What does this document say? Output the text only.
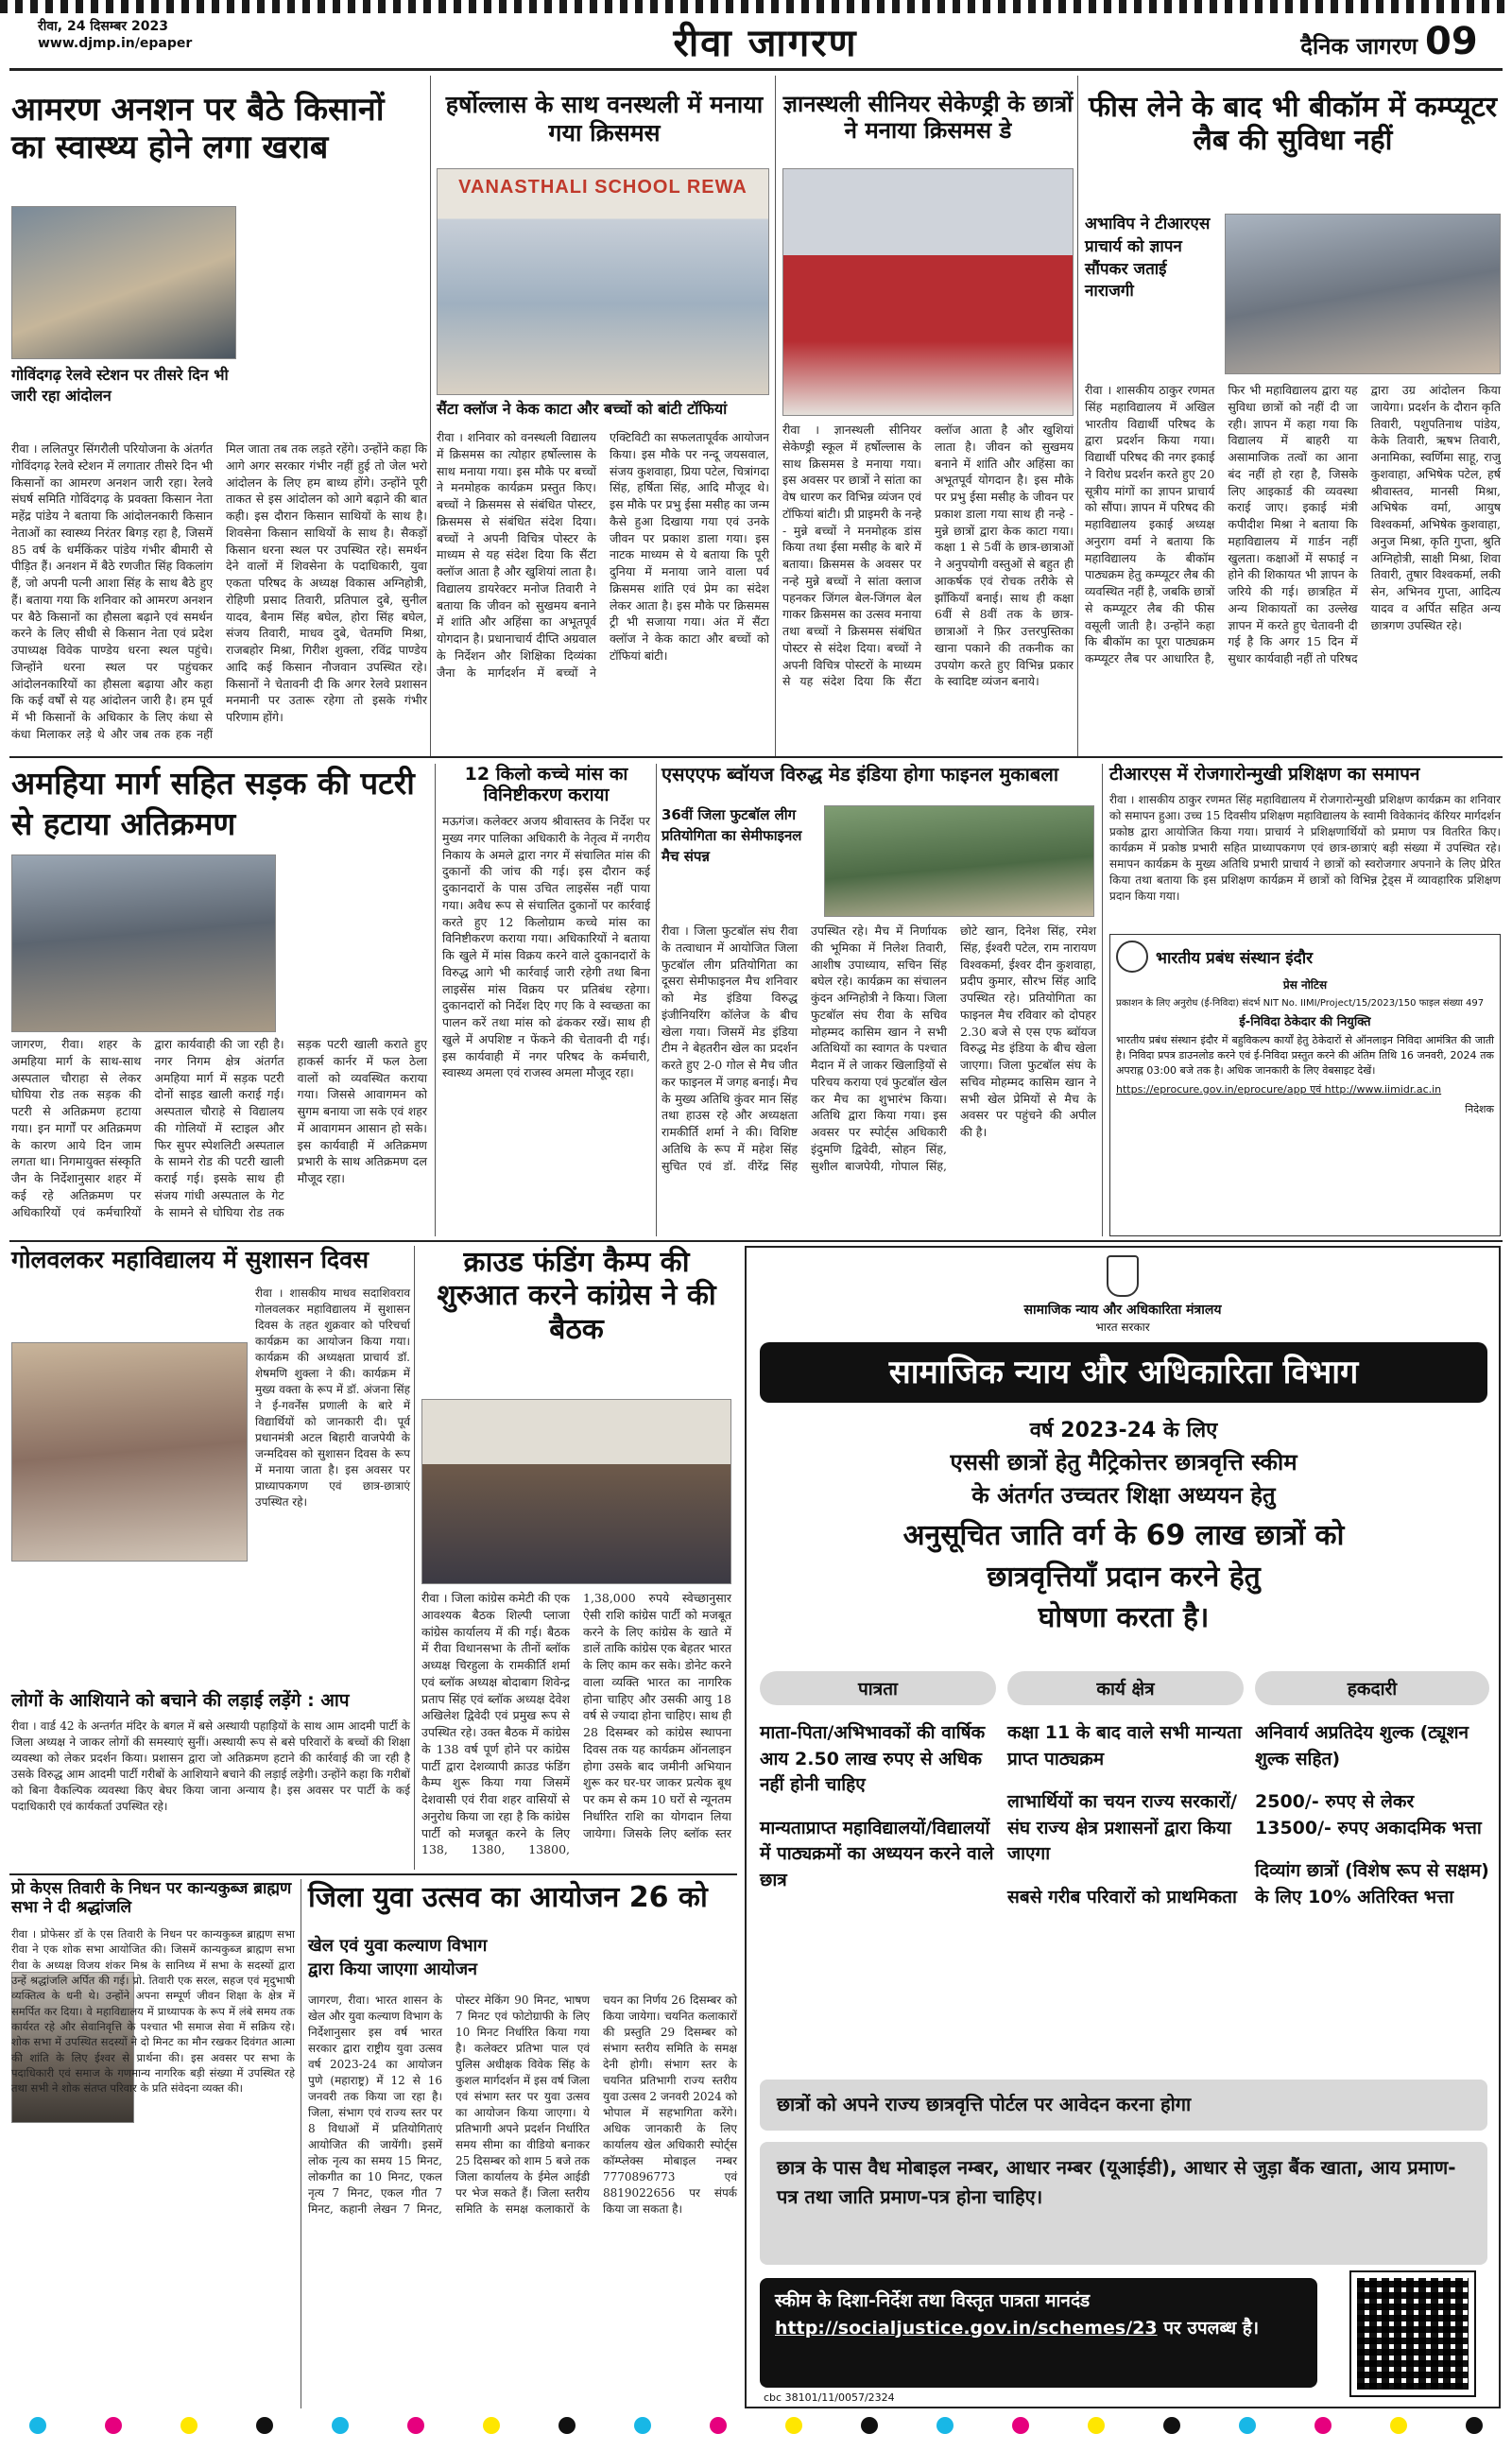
रीवा, 24 दिसम्बर 2023
www.djmp.in/epaper	रीवा जागरण	दैनिक जागरण 09
आमरण अनशन पर बैठे किसानों का स्वास्थ्य होने लगा खराब
गोविंदगढ़ रेलवे स्टेशन पर तीसरे दिन भी जारी रहा आंदोलन
रीवा । ललितपुर सिंगरौली परियोजना के अंतर्गत गोविंदगढ़ रेलवे स्टेशन में लगातार तीसरे दिन भी किसानों का आमरण अनशन जारी रहा। रेलवे संघर्ष समिति गोविंदगढ़ के प्रवक्ता किसान नेता महेंद्र पांडेय ने बताया कि आंदोलनकारी किसान नेताओं का स्वास्थ्य निरंतर बिगड़ रहा है, जिसमें 85 वर्ष के धर्मकिंकर पांडेय गंभीर बीमारी से पीड़ित हैं। अनशन में बैठे रणजीत सिंह विकलांग हैं, जो अपनी पत्नी आशा सिंह के साथ बैठे हुए हैं। बताया गया कि शनिवार को आमरण अनशन पर बैठे किसानों का हौसला बढ़ाने एवं समर्थन करने के लिए सीधी से किसान नेता एवं प्रदेश उपाध्यक्ष विवेक पाण्डेय धरना स्थल पहुंचे। जिन्होंने धरना स्थल पर पहुंचकर आंदोलनकारियों का हौसला बढ़ाया और कहा कि कई वर्षों से यह आंदोलन जारी है। हम पूर्व में भी किसानों के अधिकार के लिए कंधा से कंधा मिलाकर लड़े थे और जब तक हक नहीं मिल जाता तब तक लड़ते रहेंगे। उन्होंने कहा कि आगे अगर सरकार गंभीर नहीं हुई तो जेल भरो आंदोलन के लिए हम बाध्य होंगे। उन्होंने पूरी ताकत से इस आंदोलन को आगे बढ़ाने की बात कही। इस दौरान किसान साथियों के साथ है। शिवसेना किसान साथियों के साथ है। सैकड़ों किसान धरना स्थल पर उपस्थित रहे। समर्थन देने वालों में शिवसेना के पदाधिकारी, युवा एकता परिषद के अध्यक्ष विकास अग्निहोत्री, रोहिणी प्रसाद तिवारी, प्रतिपाल दुबे, सुनील यादव, बैनाम सिंह बघेल, होरा सिंह बघेल, संजय तिवारी, माधव दुबे, चेतमणि मिश्रा, राजबहोर मिश्रा, गिरीश शुक्ला, रविंद्र पाण्डेय आदि कई किसान नौजवान उपस्थित रहे। किसानों ने चेतावनी दी कि अगर रेलवे प्रशासन मनमानी पर उतारू रहेगा तो इसके गंभीर परिणाम होंगे।
हर्षोल्लास के साथ वनस्थली में मनाया गया क्रिसमस
VANASTHALI SCHOOL REWA
सैंटा क्लॉज ने केक काटा और बच्चों को बांटी टॉफियां
रीवा । शनिवार को वनस्थली विद्यालय में क्रिसमस का त्योहार हर्षोल्लास के साथ मनाया गया। इस मौके पर बच्चों ने मनमोहक कार्यक्रम प्रस्तुत किए। बच्चों ने क्रिसमस से संबंधित पोस्टर, क्रिसमस से संबंधित संदेश दिया। बच्चों ने अपनी विचित्र पोस्टर के माध्यम से यह संदेश दिया कि सैंटा क्लॉज आता है और खुशियां लाता है। विद्यालय डायरेक्टर मनोज तिवारी ने बताया कि जीवन को सुखमय बनाने में शांति और अहिंसा का अभूतपूर्व योगदान है। प्रधानाचार्य दीप्ति अग्रवाल के निर्देशन और शिक्षिका दिव्यंका जैना के मार्गदर्शन में बच्चों ने एक्टिविटी का सफलतापूर्वक आयोजन किया। इस मौके पर नन्दू जयसवाल, संजय कुशवाहा, प्रिया पटेल, चित्रांगदा सिंह, हर्षिता सिंह, आदि मौजूद थे। इस मौके पर प्रभु ईसा मसीह का जन्म कैसे हुआ दिखाया गया एवं उनके जीवन पर प्रकाश डाला गया। इस नाटक माध्यम से ये बताया कि पूरी दुनिया में मनाया जाने वाला पर्व क्रिसमस शांति एवं प्रेम का संदेश लेकर आता है। इस मौके पर क्रिसमस ट्री भी सजाया गया। अंत में सैंटा क्लॉज ने केक काटा और बच्चों को टॉफियां बांटी।
ज्ञानस्थली सीनियर सेकेण्ड्री के छात्रों ने मनाया क्रिसमस डे
रीवा । ज्ञानस्थली सीनियर सेकेण्ड्री स्कूल में हर्षोल्लास के साथ क्रिसमस डे मनाया गया। इस अवसर पर छात्रों ने सांता का वेष धारण कर विभिन्न व्यंजन एवं टॉफियां बांटी। प्री प्राइमरी के नन्हे - मुन्ने बच्चों ने मनमोहक डांस किया तथा ईसा मसीह के बारे में बताया। क्रिसमस के अवसर पर नन्हे मुन्ने बच्चों ने सांता क्लाज पहनकर जिंगल बेल-जिंगल बेल गाकर क्रिसमस का उत्सव मनाया तथा बच्चों ने क्रिसमस संबंधित पोस्टर से संदेश दिया। बच्चों ने अपनी विचित्र पोस्टरों के माध्यम से यह संदेश दिया कि सैंटा क्लॉज आता है और खुशियां लाता है। जीवन को सुखमय बनाने में शांति और अहिंसा का अभूतपूर्व योगदान है। इस मौके पर प्रभु ईसा मसीह के जीवन पर प्रकाश डाला गया साथ ही नन्हे - मुन्ने छात्रों द्वारा केक काटा गया। कक्षा 1 से 5वीं के छात्र-छात्राओं ने अनुपयोगी वस्तुओं से बहुत ही आकर्षक एवं रोचक तरीके से झाँकियाँ बनाई। साथ ही कक्षा 6वीं से 8वीं तक के छात्र-छात्राओं ने फ़िर उत्तरपुस्तिका खाना पकाने की तकनीक का उपयोग करते हुए विभिन्न प्रकार के स्वादिष्ट व्यंजन बनाये।
फीस लेने के बाद भी बीकॉम में कम्प्यूटर लैब की सुविधा नहीं
अभाविप ने टीआरएस प्राचार्य को ज्ञापन सौंपकर जताई नाराजगी
रीवा । शासकीय ठाकुर रणमत सिंह महाविद्यालय में अखिल भारतीय विद्यार्थी परिषद के द्वारा प्रदर्शन किया गया। विद्यार्थी परिषद की नगर इकाई ने विरोध प्रदर्शन करते हुए 20 सूत्रीय मांगों का ज्ञापन प्राचार्य को सौंपा। ज्ञापन में परिषद की महाविद्यालय इकाई अध्यक्ष अनुराग वर्मा ने बताया कि महाविद्यालय के बीकॉम पाठ्यक्रम हेतु कम्प्यूटर लैब की व्यवस्थित नहीं है, जबकि छात्रों से कम्प्यूटर लैब की फीस वसूली जाती है। उन्होंने कहा कि बीकॉम का पूरा पाठ्यक्रम कम्प्यूटर लैब पर आधारित है, फिर भी महाविद्यालय द्वारा यह सुविधा छात्रों को नहीं दी जा रही। ज्ञापन में कहा गया कि विद्यालय में बाहरी या असामाजिक तत्वों का आना बंद नहीं हो रहा है, जिसके लिए आइकार्ड की व्यवस्था कराई जाए। इकाई मंत्री कपीदीश मिश्रा ने बताया कि महाविद्यालय में गार्डन नहीं खुलता। कक्षाओं में सफाई न होने की शिकायत भी ज्ञापन के जरिये की गई। छात्रहित में अन्य शिकायतों का उल्लेख ज्ञापन में करते हुए चेतावनी दी गई है कि अगर 15 दिन में सुधार कार्यवाही नहीं तो परिषद द्वारा उग्र आंदोलन किया जायेगा। प्रदर्शन के दौरान कृति तिवारी, पशुपतिनाथ पांडेय, केके तिवारी, ऋषभ तिवारी, अनामिका, स्वर्णिमा साहू, राजु कुशवाहा, अभिषेक पटेल, हर्ष श्रीवास्तव, मानसी मिश्रा, अभिषेक वर्मा, आयुष विश्वकर्मा, अभिषेक कुशवाहा, अनुज मिश्रा, कृति गुप्ता, श्रुति अग्निहोत्री, साक्षी मिश्रा, शिवा तिवारी, तुषार विश्वकर्मा, लकी सेन, अभिनव गुप्ता, आदित्य यादव व अर्पित सहित अन्य छात्रगण उपस्थित रहे।
अमहिया मार्ग सहित सड़क की पटरी से हटाया अतिक्रमण
जागरण, रीवा। शहर के अमहिया मार्ग के साथ-साथ अस्पताल चौराहा से लेकर घोघिया रोड तक सड़क की पटरी से अतिक्रमण हटाया गया। इन मार्गों पर अतिक्रमण के कारण आये दिन जाम लगता था। निगमायुक्त संस्कृति जैन के निर्देशानुसार शहर में कई रहे अतिक्रमण पर अधिकारियों एवं कर्मचारियों द्वारा कार्यवाही की जा रही है। नगर निगम क्षेत्र अंतर्गत अमहिया मार्ग में सड़क पटरी दोनों साइड खाली कराई गई। अस्पताल चौराहे से विद्यालय की गोलियों में स्टाइल और फिर सुपर स्पेशलिटी अस्पताल के सामने रोड की पटरी खाली कराई गई। इसके साथ ही संजय गांधी अस्पताल के गेट के सामने से घोघिया रोड तक सड़क पटरी खाली कराते हुए हाकर्स कार्नर में फल ठेला वालों को व्यवस्थित कराया गया। जिससे आवागमन को सुगम बनाया जा सके एवं शहर में आवागमन आसान हो सके। इस कार्यवाही में अतिक्रमण प्रभारी के साथ अतिक्रमण दल मौजूद रहा।
12 किलो कच्चे मांस का विनिष्टीकरण कराया
मऊगंज। कलेक्टर अजय श्रीवास्तव के निर्देश पर मुख्य नगर पालिका अधिकारी के नेतृत्व में नगरीय निकाय के अमले द्वारा नगर में संचालित मांस की दुकानों की जांच की गई। इस दौरान कई दुकानदारों के पास उचित लाइसेंस नहीं पाया गया। अवैध रूप से संचालित दुकानों पर कार्रवाई करते हुए 12 किलोग्राम कच्चे मांस का विनिष्टीकरण कराया गया। अधिकारियों ने बताया कि खुले में मांस विक्रय करने वाले दुकानदारों के विरुद्ध आगे भी कार्रवाई जारी रहेगी तथा बिना लाइसेंस मांस विक्रय पर प्रतिबंध रहेगा। दुकानदारों को निर्देश दिए गए कि वे स्वच्छता का पालन करें तथा मांस को ढंककर रखें। साथ ही खुले में अपशिष्ट न फेंकने की चेतावनी दी गई। इस कार्यवाही में नगर परिषद के कर्मचारी, स्वास्थ्य अमला एवं राजस्व अमला मौजूद रहा।
एसएएफ ब्वॉयज विरुद्ध मेड इंडिया होगा फाइनल मुकाबला
36वीं जिला फुटबॉल लीग प्रतियोगिता का सेमीफाइनल मैच संपन्न
रीवा । जिला फुटबॉल संघ रीवा के तत्वाधान में आयोजित जिला फुटबॉल लीग प्रतियोगिता का दूसरा सेमीफाइनल मैच शनिवार को मेड इंडिया विरुद्ध इंजीनियरिंग कॉलेज के बीच खेला गया। जिसमें मेड इंडिया टीम ने बेहतरीन खेल का प्रदर्शन करते हुए 2-0 गोल से मैच जीत कर फाइनल में जगह बनाई। मैच के मुख्य अतिथि कुंवर मान सिंह तथा हाउस रहे और अध्यक्षता रामकीर्ति शर्मा ने की। विशिष्ट अतिथि के रूप में महेश सिंह सुचित एवं डॉ. वीरेंद्र सिंह उपस्थित रहे। मैच में निर्णायक की भूमिका में निलेश तिवारी, आशीष उपाध्याय, सचिन सिंह बघेल रहे। कार्यक्रम का संचालन कुंदन अग्निहोत्री ने किया। जिला फुटबॉल संघ रीवा के सचिव मोहम्मद कासिम खान ने सभी अतिथियों का स्वागत के पश्चात मैदान में ले जाकर खिलाड़ियों से परिचय कराया एवं फुटबॉल खेल कर मैच का शुभारंभ किया। अतिथि द्वारा किया गया। इस अवसर पर स्पोर्ट्स अधिकारी इंदुमणि द्विवेदी, सोहन सिंह, सुशील बाजपेयी, गोपाल सिंह, छोटे खान, दिनेश सिंह, रमेश सिंह, ईश्वरी पटेल, राम नारायण विश्वकर्मा, ईश्वर दीन कुशवाहा, प्रदीप कुमार, सौरभ सिंह आदि उपस्थित रहे। प्रतियोगिता का फाइनल मैच रविवार को दोपहर 2.30 बजे से एस एफ ब्वॉयज विरुद्ध मेड इंडिया के बीच खेला जाएगा। जिला फुटबॉल संघ के सचिव मोहम्मद कासिम खान ने सभी खेल प्रेमियों से मैच के अवसर पर पहुंचने की अपील की है।
टीआरएस में रोजगारोन्मुखी प्रशिक्षण का समापन
रीवा । शासकीय ठाकुर रणमत सिंह महाविद्यालय में रोजगारोन्मुखी प्रशिक्षण कार्यक्रम का शनिवार को समापन हुआ। उच्च 15 दिवसीय प्रशिक्षण महाविद्यालय के स्वामी विवेकानंद कॅरियर मार्गदर्शन प्रकोष्ठ द्वारा आयोजित किया गया। प्राचार्य ने प्रशिक्षणार्थियों को प्रमाण पत्र वितरित किए। कार्यक्रम में प्रकोष्ठ प्रभारी सहित प्राध्यापकगण एवं छात्र-छात्राएं बड़ी संख्या में उपस्थित रहे। समापन कार्यक्रम के मुख्य अतिथि प्रभारी प्राचार्य ने छात्रों को स्वरोजगार अपनाने के लिए प्रेरित किया तथा बताया कि इस प्रशिक्षण कार्यक्रम में छात्रों को विभिन्न ट्रेड्स में व्यावहारिक प्रशिक्षण प्रदान किया गया।
भारतीय प्रबंध संस्थान इंदौर
प्रेस नोटिस
प्रकाशन के लिए अनुरोध (ई-निविदा) संदर्भ NIT No. IIMI/Project/15/2023/150 फाइल संख्या 497
ई-निविदा ठेकेदार की नियुक्ति
भारतीय प्रबंध संस्थान इंदौर में बहुविकल्प कार्यों हेतु ठेकेदारों से ऑनलाइन निविदा आमंत्रित की जाती है। निविदा प्रपत्र डाउनलोड करने एवं ई-निविदा प्रस्तुत करने की अंतिम तिथि 16 जनवरी, 2024 तक अपराह्न 03:00 बजे तक है। अधिक जानकारी के लिए वेबसाइट देखें।
https://eprocure.gov.in/eprocure/app एवं http://www.iimidr.ac.in
निदेशक
गोलवलकर महाविद्यालय में सुशासन दिवस
रीवा । शासकीय माधव सदाशिवराव गोलवलकर महाविद्यालय में सुशासन दिवस के तहत शुक्रवार को परिचर्चा कार्यक्रम का आयोजन किया गया। कार्यक्रम की अध्यक्षता प्राचार्य डॉ. शेषमणि शुक्ला ने की। कार्यक्रम में मुख्य वक्ता के रूप में डॉ. अंजना सिंह ने ई-गवर्नेंस प्रणाली के बारे में विद्यार्थियों को जानकारी दी। पूर्व प्रधानमंत्री अटल बिहारी वाजपेयी के जन्मदिवस को सुशासन दिवस के रूप में मनाया जाता है। इस अवसर पर प्राध्यापकगण एवं छात्र-छात्राएं उपस्थित रहे।
लोगों के आशियाने को बचाने की लड़ाई लड़ेंगे : आप
रीवा । वार्ड 42 के अन्तर्गत मंदिर के बगल में बसे अस्थायी पहाड़ियों के साथ आम आदमी पार्टी के जिला अध्यक्ष ने जाकर लोगों की समस्याएं सुनीं। अस्थायी रूप से बसे परिवारों के बच्चों की शिक्षा व्यवस्था को लेकर प्रदर्शन किया। प्रशासन द्वारा जो अतिक्रमण हटाने की कार्रवाई की जा रही है उसके विरुद्ध आम आदमी पार्टी गरीबों के आशियाने बचाने की लड़ाई लड़ेगी। उन्होंने कहा कि गरीबों को बिना वैकल्पिक व्यवस्था किए बेघर किया जाना अन्याय है। इस अवसर पर पार्टी के कई पदाधिकारी एवं कार्यकर्ता उपस्थित रहे।
क्राउड फंडिंग कैम्प की शुरुआत करने कांग्रेस ने की बैठक
रीवा । जिला कांग्रेस कमेटी की एक आवश्यक बैठक शिल्पी प्लाजा कांग्रेस कार्यालय में की गई। बैठक में रीवा विधानसभा के तीनों ब्लॉक अध्यक्ष चिरहुला के रामकीर्ति शर्मा एवं ब्लॉक अध्यक्ष बोदाबाग शिवेन्द्र प्रताप सिंह एवं ब्लॉक अध्यक्ष देवेश अखिलेश द्विवेदी एवं प्रमुख रूप से उपस्थित रहे। उक्त बैठक में कांग्रेस के 138 वर्ष पूर्ण होने पर कांग्रेस पार्टी द्वारा देशव्यापी क्राउड फंडिंग कैम्प शुरू किया गया जिसमें देशवासी एवं रीवा शहर वासियों से अनुरोध किया जा रहा है कि कांग्रेस पार्टी को मजबूत करने के लिए 138, 1380, 13800, 1,38,000 रुपये स्वेच्छानुसार ऐसी राशि कांग्रेस पार्टी को मजबूत करने के लिए कांग्रेस के खाते में डालें ताकि कांग्रेस एक बेहतर भारत के लिए काम कर सके। डोनेट करने वाला व्यक्ति भारत का नागरिक होना चाहिए और उसकी आयु 18 वर्ष से ज्यादा होना चाहिए। साथ ही 28 दिसम्बर को कांग्रेस स्थापना दिवस तक यह कार्यक्रम ऑनलाइन होगा उसके बाद जमीनी अभियान शुरू कर घर-घर जाकर प्रत्येक बूथ पर कम से कम 10 घरों से न्यूनतम निर्धारित राशि का योगदान लिया जायेगा। जिसके लिए ब्लॉक स्तर
प्रो केएस तिवारी के निधन पर कान्यकुब्ज ब्राह्मण सभा ने दी श्रद्धांजलि
रीवा । प्रोफेसर डॉ के एस तिवारी के निधन पर कान्यकुब्ज ब्राह्मण सभा रीवा ने एक शोक सभा आयोजित की। जिसमें कान्यकुब्ज ब्राह्मण सभा रीवा के अध्यक्ष विजय शंकर मिश्र के सानिध्य में सभा के सदस्यों द्वारा उन्हें श्रद्धांजलि अर्पित की गई। प्रो. तिवारी एक सरल, सहज एवं मृदुभाषी व्यक्तित्व के धनी थे। उन्होंने अपना सम्पूर्ण जीवन शिक्षा के क्षेत्र में समर्पित कर दिया। वे महाविद्यालय में प्राध्यापक के रूप में लंबे समय तक कार्यरत रहे और सेवानिवृत्ति के पश्चात भी समाज सेवा में सक्रिय रहे। शोक सभा में उपस्थित सदस्यों ने दो मिनट का मौन रखकर दिवंगत आत्मा की शांति के लिए ईश्वर से प्रार्थना की। इस अवसर पर सभा के पदाधिकारी एवं समाज के गणमान्य नागरिक बड़ी संख्या में उपस्थित रहे तथा सभी ने शोक संतप्त परिवार के प्रति संवेदना व्यक्त की।
जिला युवा उत्सव का आयोजन 26 को
खेल एवं युवा कल्याण विभाग द्वारा किया जाएगा आयोजन
जागरण, रीवा। भारत शासन के खेल और युवा कल्याण विभाग के निर्देशानुसार इस वर्ष भारत सरकार द्वारा राष्ट्रीय युवा उत्सव वर्ष 2023-24 का आयोजन पुणे (महाराष्ट्र) में 12 से 16 जनवरी तक किया जा रहा है। जिला, संभाग एवं राज्य स्तर पर 8 विधाओं में प्रतियोगिताएं आयोजित की जायेंगी। इसमें लोक नृत्य का समय 15 मिनट, लोकगीत का 10 मिनट, एकल नृत्य 7 मिनट, एकल गीत 7 मिनट, कहानी लेखन 7 मिनट, पोस्टर मेकिंग 90 मिनट, भाषण 7 मिनट एवं फोटोग्राफी के लिए 10 मिनट निर्धारित किया गया है। कलेक्टर प्रतिभा पाल एवं पुलिस अधीक्षक विवेक सिंह के कुशल मार्गदर्शन में इस वर्ष जिला एवं संभाग स्तर पर युवा उत्सव का आयोजन किया जाएगा। ये प्रतिभागी अपने प्रदर्शन निर्धारित समय सीमा का वीडियो बनाकर 25 दिसम्बर को शाम 5 बजे तक जिला कार्यालय के ईमेल आईडी पर भेज सकते हैं। जिला स्तरीय समिति के समक्ष कलाकारों के चयन का निर्णय 26 दिसम्बर को किया जायेगा। चयनित कलाकारों की प्रस्तुति 29 दिसम्बर को संभाग स्तरीय समिति के समक्ष देनी होगी। संभाग स्तर के चयनित प्रतिभागी राज्य स्तरीय युवा उत्सव 2 जनवरी 2024 को भोपाल में सहभागिता करेंगे। अधिक जानकारी के लिए कार्यालय खेल अधिकारी स्पोर्ट्स कॉम्प्लेक्स मोबाइल नम्बर 7770896773 एवं 8819022656 पर संपर्क किया जा सकता है।
सामाजिक न्याय और अधिकारिता मंत्रालय
भारत सरकार
सामाजिक न्याय और अधिकारिता विभाग
वर्ष 2023-24 के लिए
एससी छात्रों हेतु मैट्रिकोत्तर छात्रवृत्ति स्कीम
के अंतर्गत उच्चतर शिक्षा अध्ययन हेतु
अनुसूचित जाति वर्ग के 69 लाख छात्रों को
छात्रवृत्तियाँ प्रदान करने हेतु
घोषणा करता है।
पात्रता
माता-पिता/अभिभावकों की वार्षिक आय 2.50 लाख रुपए से अधिक नहीं होनी चाहिए
मान्यताप्राप्त महाविद्यालयों/विद्यालयों में पाठ्यक्रमों का अध्ययन करने वाले छात्र
कार्य क्षेत्र
कक्षा 11 के बाद वाले सभी मान्यता प्राप्त पाठ्यक्रम
लाभार्थियों का चयन राज्य सरकारों/संघ राज्य क्षेत्र प्रशासनों द्वारा किया जाएगा
सबसे गरीब परिवारों को प्राथमिकता
हकदारी
अनिवार्य अप्रतिदेय शुल्क (ट्यूशन शुल्क सहित)
2500/- रुपए से लेकर 13500/- रुपए अकादमिक भत्ता
दिव्यांग छात्रों (विशेष रूप से सक्षम) के लिए 10% अतिरिक्त भत्ता
छात्रों को अपने राज्य छात्रवृत्ति पोर्टल पर आवेदन करना होगा
छात्र के पास वैध मोबाइल नम्बर, आधार नम्बर (यूआईडी), आधार से जुड़ा बैंक खाता, आय प्रमाण-पत्र तथा जाति प्रमाण-पत्र होना चाहिए।
स्कीम के दिशा-निर्देश तथा विस्तृत पात्रता मानदंड http://socialjustice.gov.in/schemes/23 पर उपलब्ध है।
cbc 38101/11/0057/2324
